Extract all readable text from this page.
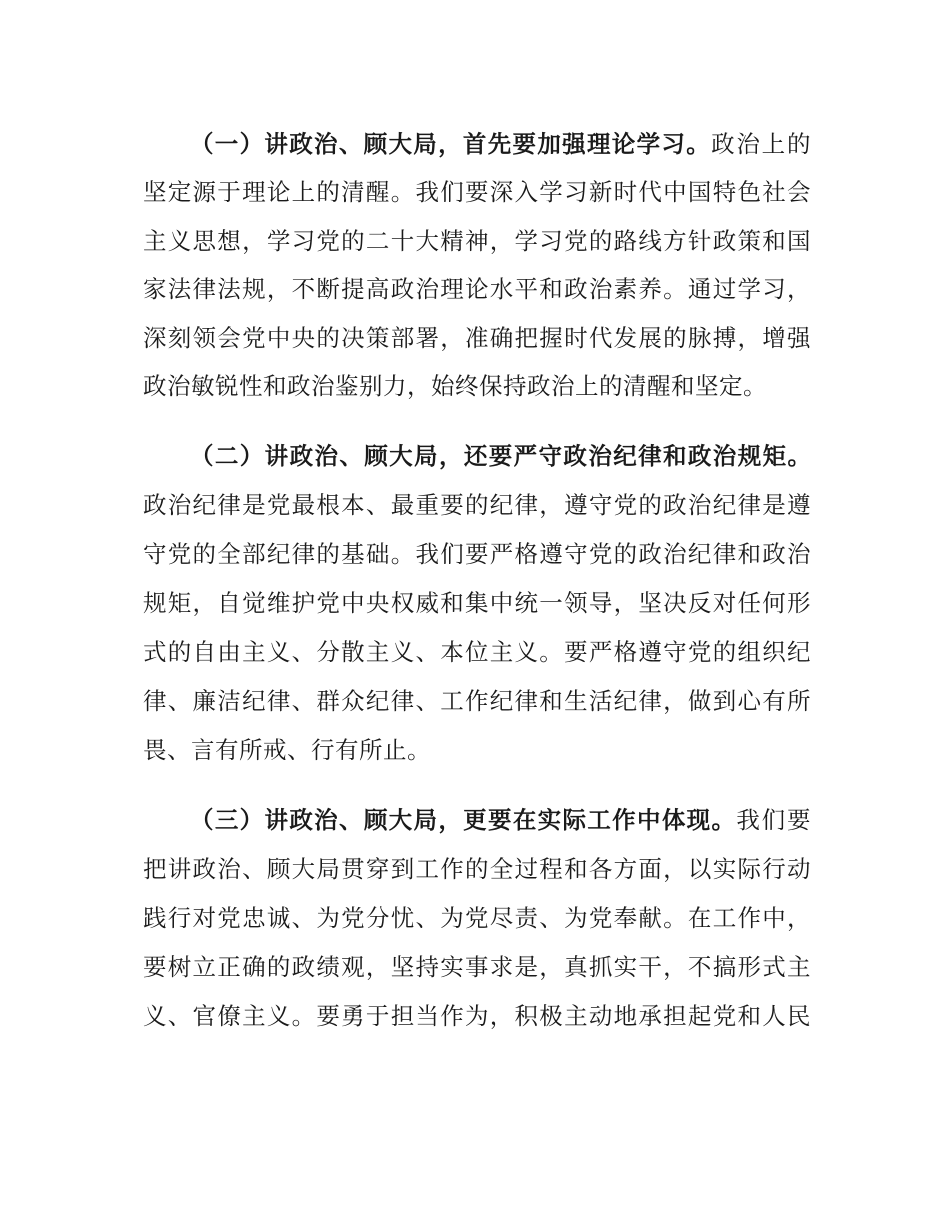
（一）讲政治、顾大局，首先要加强理论学习。政治上的
坚定源于理论上的清醒。我们要深入学习新时代中国特色社会
主义思想，学习党的二十大精神，学习党的路线方针政策和国
家法律法规，不断提高政治理论水平和政治素养。通过学习，
深刻领会党中央的决策部署，准确把握时代发展的脉搏，增强
政治敏锐性和政治鉴别力，始终保持政治上的清醒和坚定。
（二）讲政治、顾大局，还要严守政治纪律和政治规矩。
政治纪律是党最根本、最重要的纪律，遵守党的政治纪律是遵
守党的全部纪律的基础。我们要严格遵守党的政治纪律和政治
规矩，自觉维护党中央权威和集中统一领导，坚决反对任何形
式的自由主义、分散主义、本位主义。要严格遵守党的组织纪
律、廉洁纪律、群众纪律、工作纪律和生活纪律，做到心有所
畏、言有所戒、行有所止。
（三）讲政治、顾大局，更要在实际工作中体现。我们要
把讲政治、顾大局贯穿到工作的全过程和各方面，以实际行动
践行对党忠诚、为党分忧、为党尽责、为党奉献。在工作中，
要树立正确的政绩观，坚持实事求是，真抓实干，不搞形式主
义、官僚主义。要勇于担当作为，积极主动地承担起党和人民
